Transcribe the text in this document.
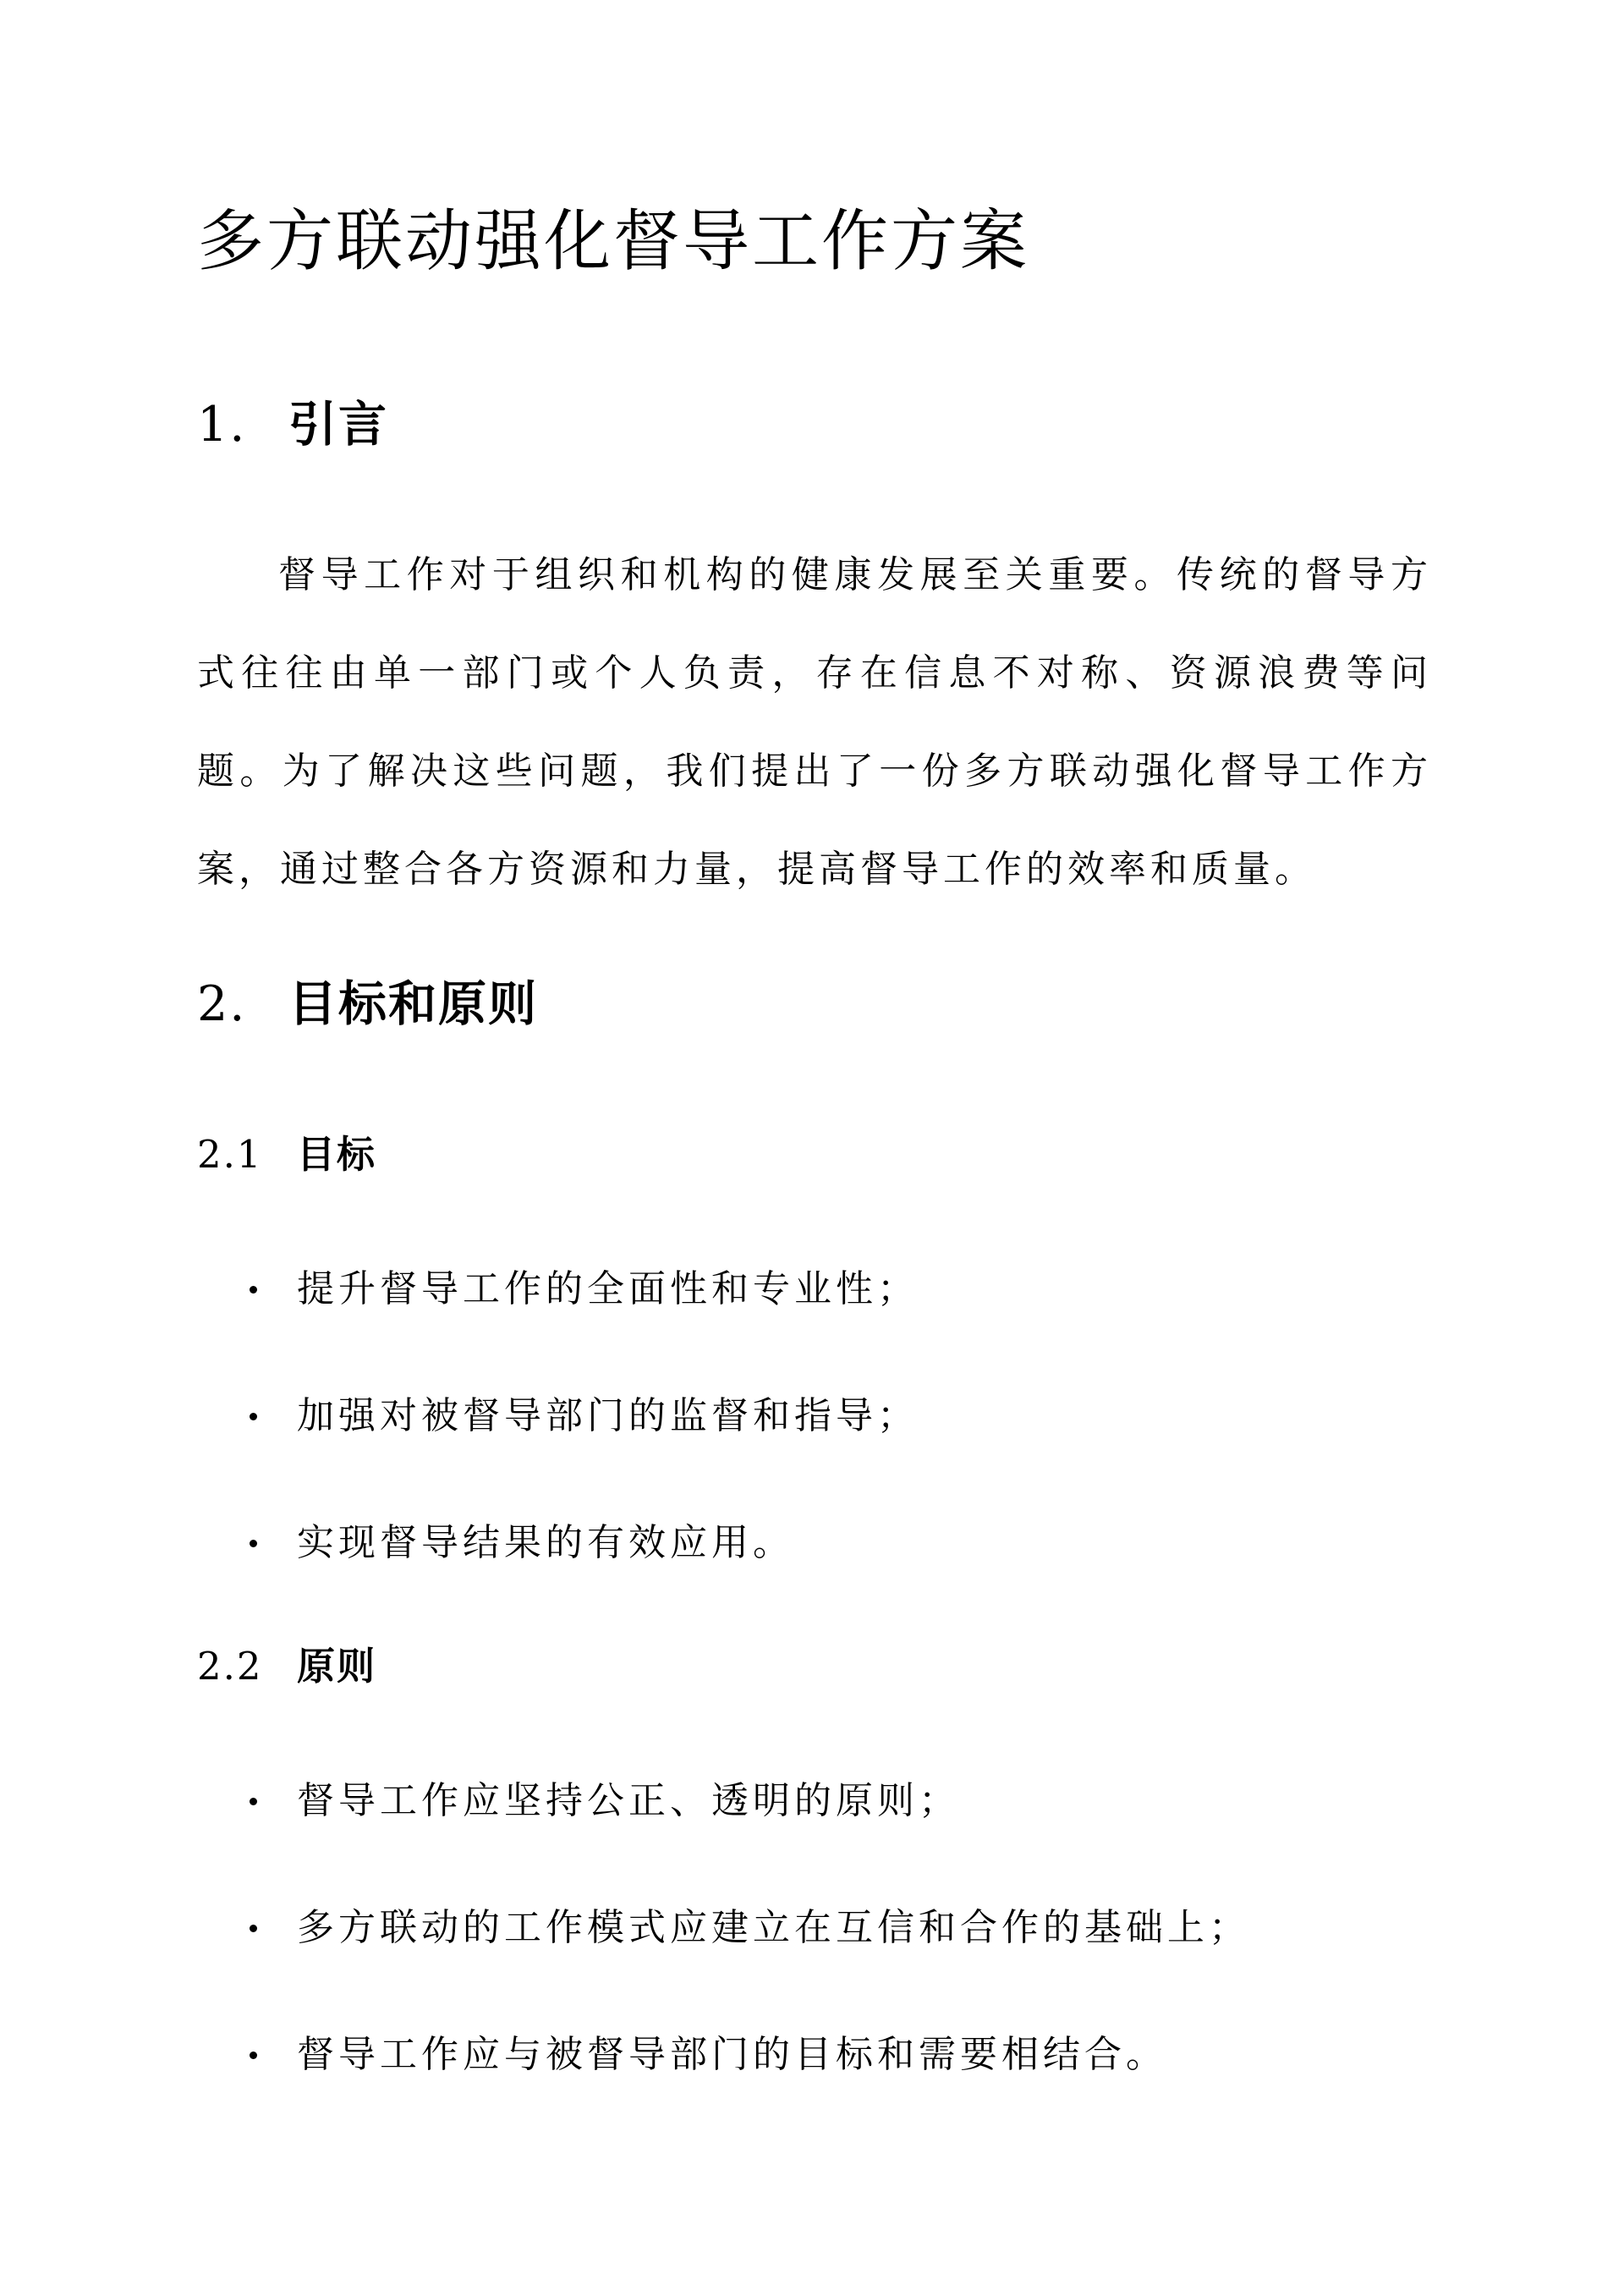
多方联动强化督导工作方案
1. 引言

督导工作对于组织和机构的健康发展至关重要。传统的督导方式往往由单一部门或个人负责，存在信息不对称、资源浪费等问题。为了解决这些问题，我们提出了一份多方联动强化督导工作方案，通过整合各方资源和力量，提高督导工作的效率和质量。

2. 目标和原则
2.1 目标
提升督导工作的全面性和专业性；
加强对被督导部门的监督和指导；
实现督导结果的有效应用。
2.2 原则
督导工作应坚持公正、透明的原则；
多方联动的工作模式应建立在互信和合作的基础上；
督导工作应与被督导部门的目标和需要相结合。
